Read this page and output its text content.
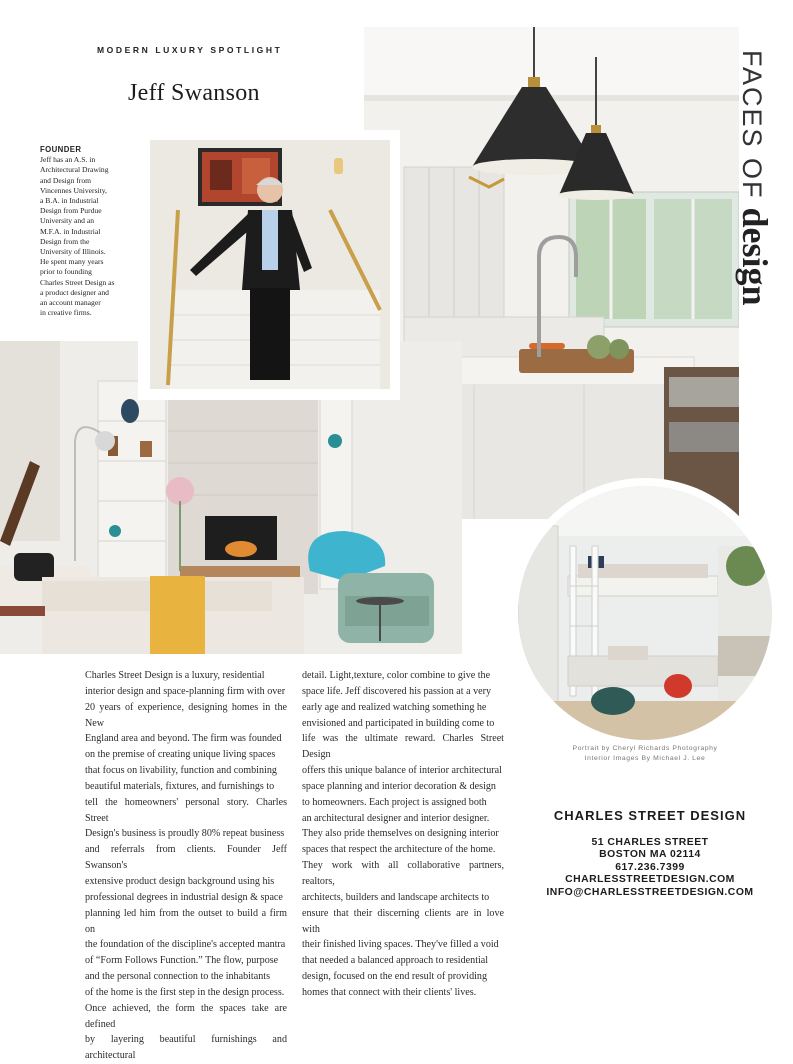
MODERN LUXURY SPOTLIGHT
Jeff Swanson
FOUNDER
Jeff has an A.S. in
Architectural Drawing
and Design from
Vincennes University,
a B.A. in Industrial
Design from Purdue
University and an
M.F.A. in Industrial
Design from the
University of Illinois.
He spent many years
prior to founding
Charles Street Design as
a product designer and
an account manager
in creative firms.
FACES OFdesign
Portrait by Cheryl Richards Photography
Interior Images By Michael J. Lee
Charles Street Design is a luxury, residential
interior design and space-planning firm with over
20 years of experience, designing homes in the New
England area and beyond. The firm was founded
on the premise of creating unique living spaces
that focus on livability, function and combining
beautiful materials, fixtures, and furnishings to
tell the homeowners' personal story. Charles Street
Design's business is proudly 80% repeat business
and referrals from clients. Founder Jeff Swanson's
extensive product design background using his
professional degrees in industrial design & space
planning led him from the outset to build a firm on
the foundation of the discipline's accepted mantra
of “Form Follows Function.” The flow, purpose
and the personal connection to the inhabitants
of the home is the first step in the design process.
Once achieved, the form the spaces take are defined
by layering beautiful furnishings and architectural
detail. Light,texture, color combine to give the
space life. Jeff discovered his passion at a very
early age and realized watching something he
envisioned and participated in building come to
life was the ultimate reward. Charles Street Design
offers this unique balance of interior architectural
space planning and interior decoration & design
to homeowners. Each project is assigned both
an architectural designer and interior designer.
They also pride themselves on designing interior
spaces that respect the architecture of the home.
They work with all collaborative partners, realtors,
architects, builders and landscape architects to
ensure that their discerning clients are in love with
their finished living spaces. They've filled a void
that needed a balanced approach to residential
design, focused on the end result of providing
homes that connect with their clients' lives.
CHARLES STREET DESIGN
51 CHARLES STREET
BOSTON MA 02114
617.236.7399
CHARLESSTREETDESIGN.COM
INFO@CHARLESSTREETDESIGN.COM
